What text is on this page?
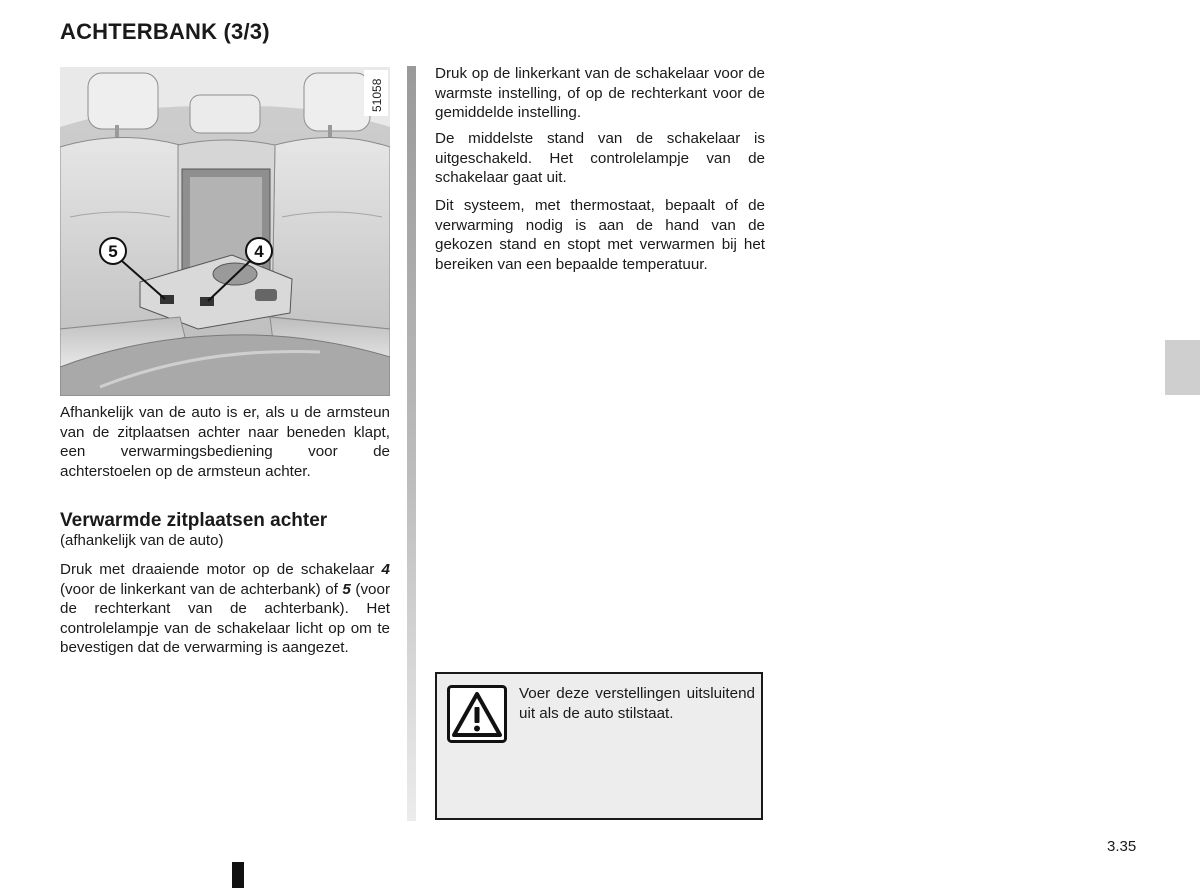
ACHTERBANK (3/3)
5	4
51058

Afhankelijk van de auto is er, als u de armsteun van de zitplaatsen achter naar beneden klapt, een verwarmingsbediening voor de achterstoelen op de armsteun achter.

Verwarmde zitplaatsen achter
(afhankelijk van de auto)

Druk met draaiende motor op de schakelaar 4 (voor de linkerkant van de achterbank) of 5 (voor de rechterkant van de achterbank). Het controlelampje van de schakelaar licht op om te bevestigen dat de verwarming is aangezet.

Druk op de linkerkant van de schakelaar voor de warmste instelling, of op de rechterkant voor de gemiddelde instelling.

De middelste stand van de schakelaar is uitgeschakeld. Het controlelampje van de schakelaar gaat uit.

Dit systeem, met thermostaat, bepaalt of de verwarming nodig is aan de hand van de gekozen stand en stopt met verwarmen bij het bereiken van een bepaalde temperatuur.

Voer deze verstellingen uitsluitend uit als de auto stilstaat.
3.35
